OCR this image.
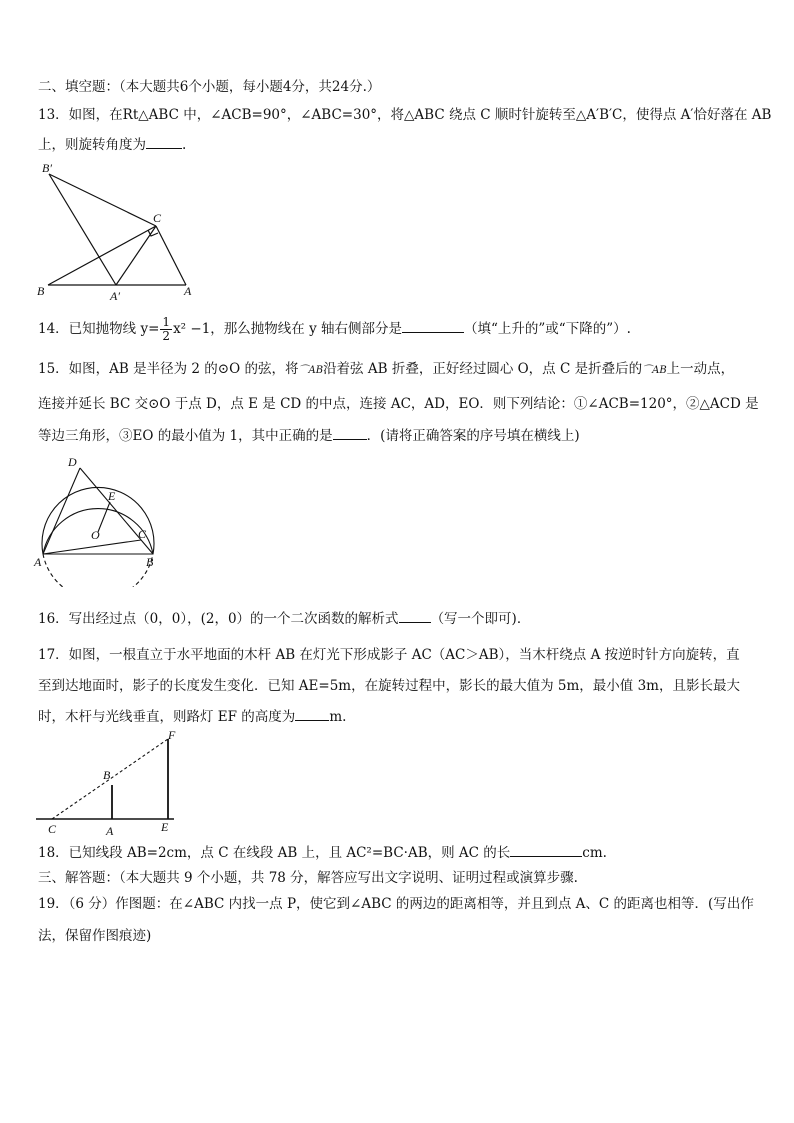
二、填空题：（本大题共6个小题，每小题4分，共24分.）
13．如图，在Rt△ABC 中，∠ACB=90°，∠ABC=30°，将△ABC 绕点 C 顺时针旋转至△A′B′C，使得点 A′恰好落在 AB
上，则旋转角度为	.
B′
C
B	A′	A
14．已知抛物线 $y= \frac{1}{2} x^2 -1$，那么抛物线在 y 轴右侧部分是	（填“上升的”或“下降的”）.
15．如图，AB 是半径为 2 的⊙O 的弦，将⌒AB沿着弦 AB 折叠，正好经过圆心 O，点 C 是折叠后的⌒AB上一动点，
连接并延长 BC 交⊙O 于点 D，点 E 是 CD 的中点，连接 AC，AD，EO．则下列结论：①∠ACB=120°，②△ACD 是
等边三角形，③EO 的最小值为 1，其中正确的是	．(请将正确答案的序号填在横线上)
D
E
O	C
A	B
16．写出经过点（0，0），(2，0）的一个二次函数的解析式 （写一个即可)．
17．如图，一根直立于水平地面的木杆 AB 在灯光下形成影子 AC（AC＞AB），当木杆绕点 A 按逆时针方向旋转，直
至到达地面时，影子的长度发生变化．已知 AE=5m，在旋转过程中，影长的最大值为 5m，最小值 3m，且影长最大
时，木杆与光线垂直，则路灯 EF 的高度为	m.
F
B
C	A	E
18．已知线段 AB=2cm，点 C 在线段 AB 上，且 AC²=BC·AB，则 AC 的长	cm.
三、解答题：（本大题共 9 个小题，共 78 分，解答应写出文字说明、证明过程或演算步骤.
19．（6 分）作图题：在∠ABC 内找一点 P，使它到∠ABC 的两边的距离相等，并且到点 A、C 的距离也相等．(写出作
法，保留作图痕迹)
